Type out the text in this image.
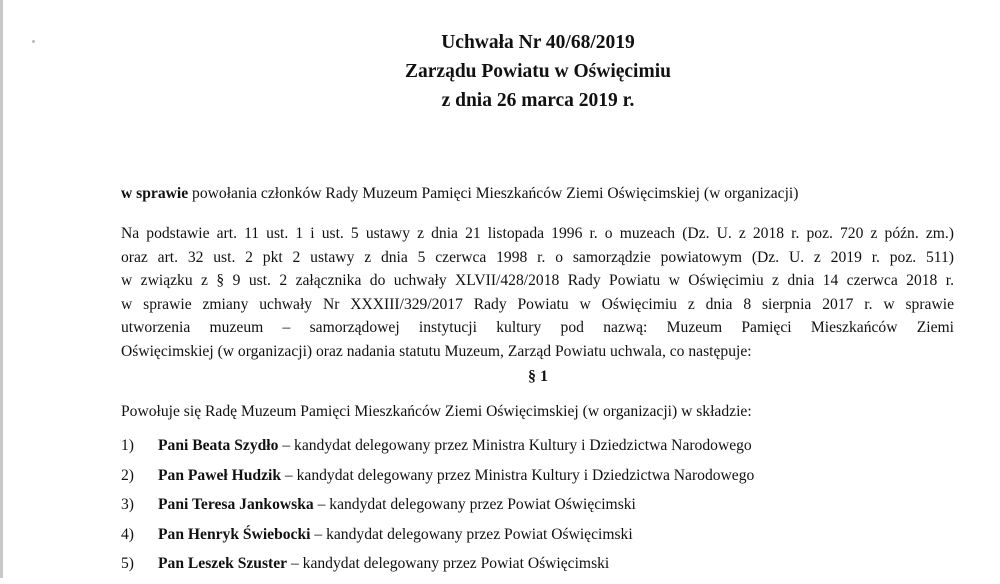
Uchwała Nr 40/68/2019
Zarządu Powiatu w Oświęcimiu
z dnia 26 marca 2019 r.
w sprawie powołania członków Rady Muzeum Pamięci Mieszkańców Ziemi Oświęcimskiej (w organizacji)
Na podstawie art. 11 ust. 1 i ust. 5 ustawy z dnia 21 listopada 1996 r. o muzeach (Dz. U. z 2018 r. poz. 720 z późn. zm.)
oraz art. 32 ust. 2 pkt 2 ustawy z dnia 5 czerwca 1998 r. o samorządzie powiatowym (Dz. U. z 2019 r. poz. 511)
w związku z § 9 ust. 2 załącznika do uchwały XLVII/428/2018 Rady Powiatu w Oświęcimiu z dnia 14 czerwca 2018 r.
w sprawie zmiany uchwały Nr XXXIII/329/2017 Rady Powiatu w Oświęcimiu z dnia 8 sierpnia 2017 r. w sprawie
utworzenia muzeum – samorządowej instytucji kultury pod nazwą: Muzeum Pamięci Mieszkańców Ziemi
Oświęcimskiej (w organizacji) oraz nadania statutu Muzeum, Zarząd Powiatu uchwala, co następuje:
§ 1
Powołuje się Radę Muzeum Pamięci Mieszkańców Ziemi Oświęcimskiej (w organizacji) w składzie:
1) Pani Beata Szydło – kandydat delegowany przez Ministra Kultury i Dziedzictwa Narodowego
2) Pan Paweł Hudzik – kandydat delegowany przez Ministra Kultury i Dziedzictwa Narodowego
3) Pani Teresa Jankowska – kandydat delegowany przez Powiat Oświęcimski
4) Pan Henryk Świebocki – kandydat delegowany przez Powiat Oświęcimski
5) Pan Leszek Szuster – kandydat delegowany przez Powiat Oświęcimski
